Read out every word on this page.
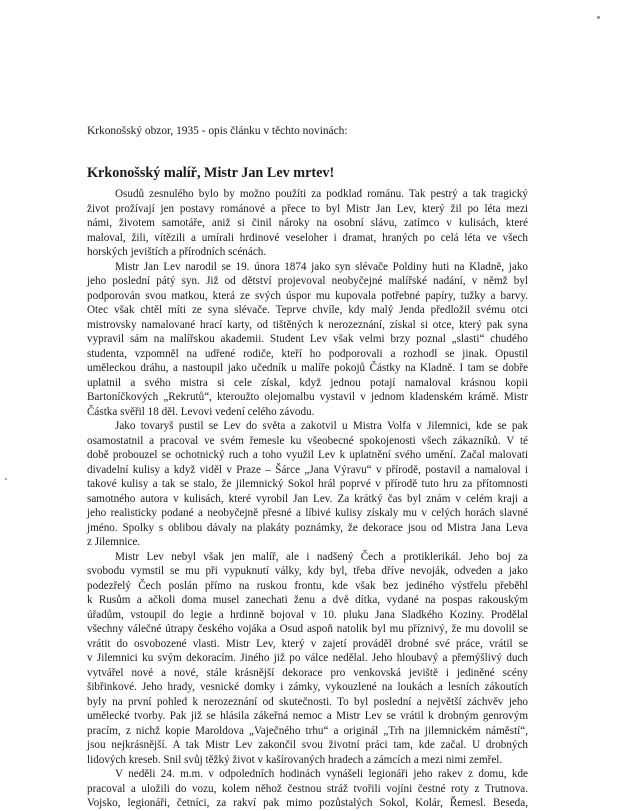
Krkonošský obzor, 1935 - opis článku v těchto novinách:
Krkonošský malíř, Mistr Jan Lev mrtev!
Osudů zesnulého bylo by možno použíti za podklad románu. Tak pestrý a tak tragický
život prožívají jen postavy románové a přece to byl Mistr Jan Lev, který žil po léta mezi
námi, životem samotáře, aniž si činil nároky na osobní slávu, zatímco v kulisách, které
maloval, žili, vítězili a umírali hrdinové veseloher i dramat, hraných po celá léta ve všech
horských jevištích a přírodních scénách.
Mistr Jan Lev narodil se 19. února 1874 jako syn slévače Poldiny huti na Kladně, jako
jeho poslední pátý syn. Již od dětství projevoval neobyčejné malířské nadání, v němž byl
podporován svou matkou, která ze svých úspor mu kupovala potřebné papíry, tužky a barvy.
Otec však chtěl míti ze syna slévače. Teprve chvíle, kdy malý Jenda předložil svému otci
mistrovsky namalované hrací karty, od tištěných k nerozeznání, získal si otce, který pak syna
vypravil sám na malířskou akademii. Student Lev však velmi brzy poznal „slasti“ chudého
studenta, vzpomněl na udřené rodiče, kteří ho podporovali a rozhodl se jinak. Opustil
uměleckou dráhu, a nastoupil jako učedník u malíře pokojů Částky na Kladně. I tam se dobře
uplatnil a svého mistra si cele získal, když jednou potají namaloval krásnou kopii
Bartoníčkových „Rekrutů“, kteroužto olejomalbu vystavil v jednom kladenském krámě. Mistr
Částka svěřil 18 děl. Levovi vedení celého závodu.
Jako tovaryš pustil se Lev do světa a zakotvil u Mistra Volfa v Jilemnici, kde se pak
osamostatnil a pracoval ve svém řemesle ku všeobecné spokojenosti všech zákazníků. V té
době probouzel se ochotnický ruch a toho využil Lev k uplatnění svého umění. Začal malovati
divadelní kulisy a když viděl v Praze – Šárce „Jana Výravu“ v přírodě, postavil a namaloval i
takové kulisy a tak se stalo, že jilemnický Sokol hrál poprvé v přírodě tuto hru za přítomnosti
samotného autora v kulisách, které vyrobil Jan Lev. Za krátký čas byl znám v celém kraji a
jeho realisticky podané a neobyčejně přesné a líbivé kulisy získaly mu v celých horách slavné
jméno. Spolky s oblibou dávaly na plakáty poznámky, že dekorace jsou od Mistra Jana Leva
z Jilemnice.
Mistr Lev nebyl však jen malíř, ale i nadšený Čech a protiklerikál. Jeho boj za
svobodu vymstil se mu při vypuknutí války, kdy byl, třeba dříve nevoják, odveden a jako
podezřelý Čech poslán přímo na ruskou frontu, kde však bez jediného výstřelu přeběhl
k Rusům a ačkoli doma musel zanechati ženu a dvě dítka, vydané na pospas rakouským
úřadům, vstoupil do legie a hrdinně bojoval v 10. pluku Jana Sladkého Koziny. Prodělal
všechny válečné útrapy českého vojáka a Osud aspoň natolik byl mu příznivý, že mu dovolil se
vrátit do osvobozené vlasti. Mistr Lev, který v zajetí prováděl drobné své práce, vrátil se
v Jilemnici ku svým dekoracím. Jiného již po válce nedělal. Jeho hloubavý a přemýšlivý duch
vytvářel nové a nové, stále krásnější dekorace pro venkovská jeviště i jediněné scény
šibřinkové. Jeho hrady, vesnické domky i zámky, vykouzlené na loukách a lesních zákoutích
byly na první pohled k nerozeznání od skutečnosti. To byl poslední a největší záchvěv jeho
umělecké tvorby. Pak již se hlásila zákeřná nemoc a Mistr Lev se vrátil k drobným genrovým
pracím, z nichž kopie Maroldova „Vaječného trhu“ a originál „Trh na jilemnickém náměstí“,
jsou nejkrásnější. A tak Mistr Lev zakončil svou životní práci tam, kde začal. U drobných
lidových kreseb. Snil svůj těžký život v kašírovaných hradech a zámcích a mezi nimi zemřel.
V neděli 24. m.m. v odpoledních hodinách vynášeli legionáři jeho rakev z domu, kde
pracoval a uložili do vozu, kolem něhož čestnou stráž tvořili vojíni čestné roty z Trutnova.
Vojsko, legionáři, četníci, za rakví pak mimo pozůstalých Sokol, Kolár, Řemesl. Beseda,
